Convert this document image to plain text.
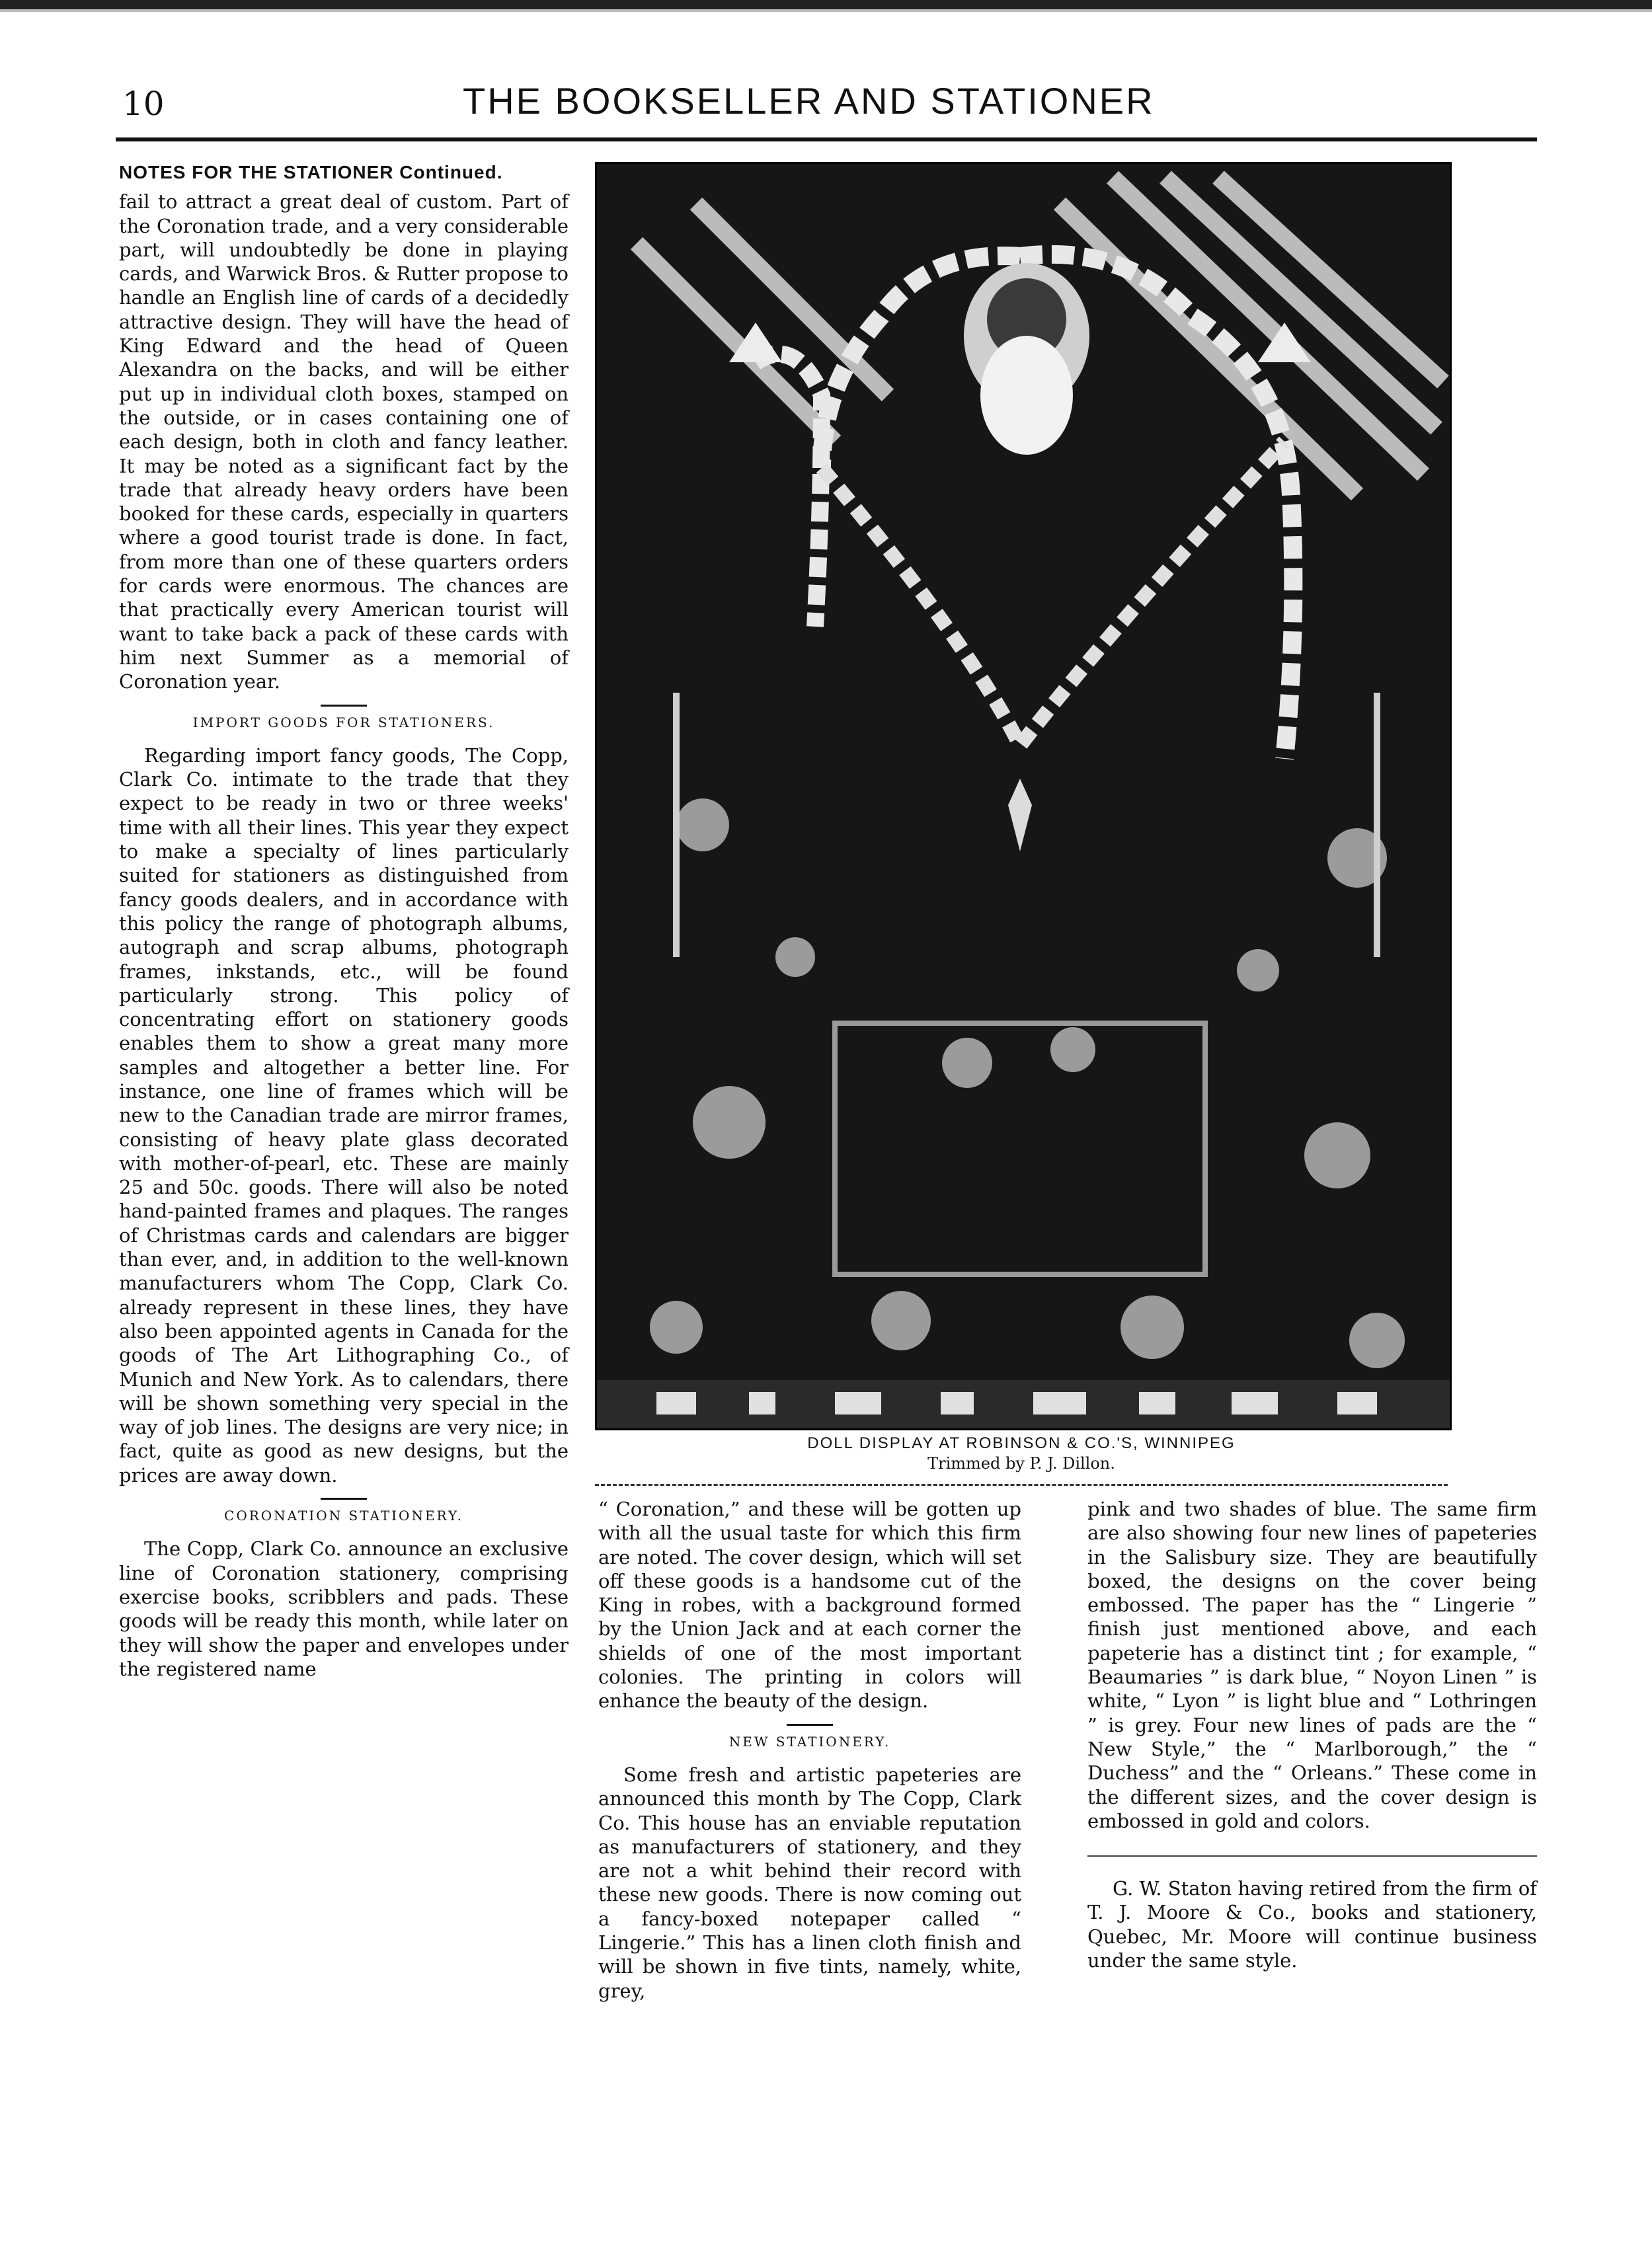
10	THE BOOKSELLER AND STATIONER
NOTES FOR THE STATIONER Continued.

fail to attract a great deal of custom. Part of the Coronation trade, and a very considerable part, will undoubtedly be done in playing cards, and Warwick Bros. & Rutter propose to handle an English line of cards of a decidedly attractive design. They will have the head of King Edward and the head of Queen Alexandra on the backs, and will be either put up in individual cloth boxes, stamped on the outside, or in cases containing one of each design, both in cloth and fancy leather. It may be noted as a significant fact by the trade that already heavy orders have been booked for these cards, especially in quarters where a good tourist trade is done. In fact, from more than one of these quarters orders for cards were enormous. The chances are that practically every American tourist will want to take back a pack of these cards with him next Summer as a memorial of Coronation year.

IMPORT GOODS FOR STATIONERS.

Regarding import fancy goods, The Copp, Clark Co. intimate to the trade that they expect to be ready in two or three weeks' time with all their lines. This year they expect to make a specialty of lines particularly suited for stationers as distinguished from fancy goods dealers, and in accordance with this policy the range of photograph albums, autograph and scrap albums, photograph frames, inkstands, etc., will be found particularly strong. This policy of concentrating effort on stationery goods enables them to show a great many more samples and altogether a better line. For instance, one line of frames which will be new to the Canadian trade are mirror frames, consisting of heavy plate glass decorated with mother-of-pearl, etc. These are mainly 25 and 50c. goods. There will also be noted hand-painted frames and plaques. The ranges of Christmas cards and calendars are bigger than ever, and, in addition to the well-known manufacturers whom The Copp, Clark Co. already represent in these lines, they have also been appointed agents in Canada for the goods of The Art Lithographing Co., of Munich and New York. As to calendars, there will be shown something very special in the way of job lines. The designs are very nice; in fact, quite as good as new designs, but the prices are away down.

CORONATION STATIONERY.

The Copp, Clark Co. announce an exclusive line of Coronation stationery, comprising exercise books, scribblers and pads. These goods will be ready this month, while later on they will show the paper and envelopes under the registered name

DOLL DISPLAY AT ROBINSON & CO.'S, WINNIPEG
Trimmed by P. J. Dillon.

“ Coronation,” and these will be gotten up with all the usual taste for which this firm are noted. The cover design, which will set off these goods is a handsome cut of the King in robes, with a background formed by the Union Jack and at each corner the shields of one of the most important colonies. The printing in colors will enhance the beauty of the design.

NEW STATIONERY.

Some fresh and artistic papeteries are announced this month by The Copp, Clark Co. This house has an enviable reputation as manufacturers of stationery, and they are not a whit behind their record with these new goods. There is now coming out a fancy-boxed notepaper called “ Lingerie.” This has a linen cloth finish and will be shown in five tints, namely, white, grey,

pink and two shades of blue. The same firm are also showing four new lines of papeteries in the Salisbury size. They are beautifully boxed, the designs on the cover being embossed. The paper has the “ Lingerie ” finish just mentioned above, and each papeterie has a distinct tint ; for example, “ Beaumaries ” is dark blue, “ Noyon Linen ” is white, “ Lyon ” is light blue and “ Lothringen ” is grey. Four new lines of pads are the “ New Style,” the “ Marlborough,” the “ Duchess” and the “ Orleans.” These come in the different sizes, and the cover design is embossed in gold and colors.

G. W. Staton having retired from the firm of T. J. Moore & Co., books and stationery, Quebec, Mr. Moore will continue business under the same style.
